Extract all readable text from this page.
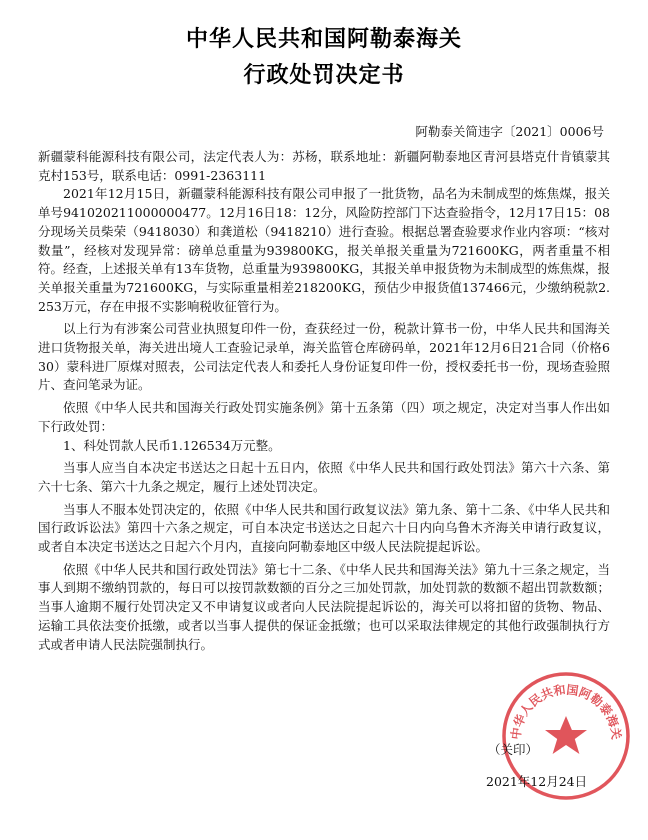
中华人民共和国阿勒泰海关
行政处罚决定书
阿勒泰关简违字〔2021〕0006号

新疆蒙科能源科技有限公司，法定代表人为：苏杨，联系地址：新疆阿勒泰地区青河县塔克什肯镇蒙其克村153号，联系电话：0991-2363111

2021年12月15日，新疆蒙科能源科技有限公司申报了一批货物，品名为未制成型的炼焦煤，报关单号941020211000000477。12月16日18：12分，风险防控部门下达查验指令，12月17日15：08分现场关员柴荣（9418030）和龚道松（9418210）进行查验。根据总署查验要求作业内容项：“核对数量”，经核对发现异常：磅单总重量为939800KG，报关单报关重量为721600KG，两者重量不相符。经查，上述报关单有13车货物，总重量为939800KG，其报关单申报货物为未制成型的炼焦煤，报关单报关重量为721600KG，与实际重量相差218200KG，预估少申报货值137466元，少缴纳税款2.253万元，存在申报不实影响税收征管行为。

以上行为有涉案公司营业执照复印件一份，查获经过一份，税款计算书一份，中华人民共和国海关进口货物报关单，海关进出境人工查验记录单，海关监管仓库磅码单，2021年12月6日21合同（价格630）蒙科进厂原煤对照表，公司法定代表人和委托人身份证复印件一份，授权委托书一份，现场查验照片、查问笔录为证。

依照《中华人民共和国海关行政处罚实施条例》第十五条第（四）项之规定，决定对当事人作出如下行政处罚：

1、科处罚款人民币1.126534万元整。

当事人应当自本决定书送达之日起十五日内，依照《中华人民共和国行政处罚法》第六十六条、第六十七条、第六十九条之规定，履行上述处罚决定。

当事人不服本处罚决定的，依照《中华人民共和国行政复议法》第九条、第十二条、《中华人民共和国行政诉讼法》第四十六条之规定，可自本决定书送达之日起六十日内向乌鲁木齐海关申请行政复议，或者自本决定书送达之日起六个月内，直接向阿勒泰地区中级人民法院提起诉讼。

依照《中华人民共和国行政处罚法》第七十二条、《中华人民共和国海关法》第九十三条之规定，当事人到期不缴纳罚款的，每日可以按罚款数额的百分之三加处罚款，加处罚款的数额不超出罚款数额；当事人逾期不履行处罚决定又不申请复议或者向人民法院提起诉讼的，海关可以将扣留的货物、物品、运输工具依法变价抵缴，或者以当事人提供的保证金抵缴；也可以采取法律规定的其他行政强制执行方式或者申请人民法院强制执行。

中华人民共和国阿勒泰海关
（关印）
2021年12月24日
